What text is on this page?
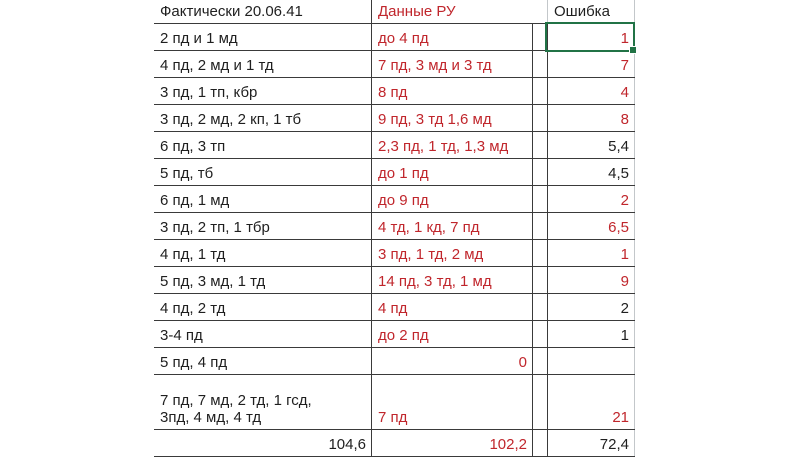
Фактически 20.06.41	Данные РУ	Ошибка
2 пд и 1 мд	до 4 пд	1
4 пд, 2 мд и 1 тд	7 пд, 3 мд и 3 тд	7
3 пд, 1 тп, кбр	8 пд	4
3 пд, 2 мд, 2 кп, 1 тб	9 пд, 3 тд 1,6 мд	8
6 пд, 3 тп	2,3 пд, 1 тд, 1,3 мд	5,4
5 пд, тб	до 1 пд	4,5
6 пд, 1 мд	до 9 пд	2
3 пд, 2 тп, 1 тбр	4 тд, 1 кд, 7 пд	6,5
4 пд, 1 тд	3 пд, 1 тд, 2 мд	1
5 пд, 3 мд, 1 тд	14 пд, 3 тд, 1 мд	9
4 пд, 2 тд	4 пд	2
3-4 пд	до 2 пд	1
5 пд, 4 пд	0
7 пд, 7 мд, 2 тд, 1 гсд,
3пд, 4 мд, 4 тд	7 пд	21
104,6	102,2	72,4
